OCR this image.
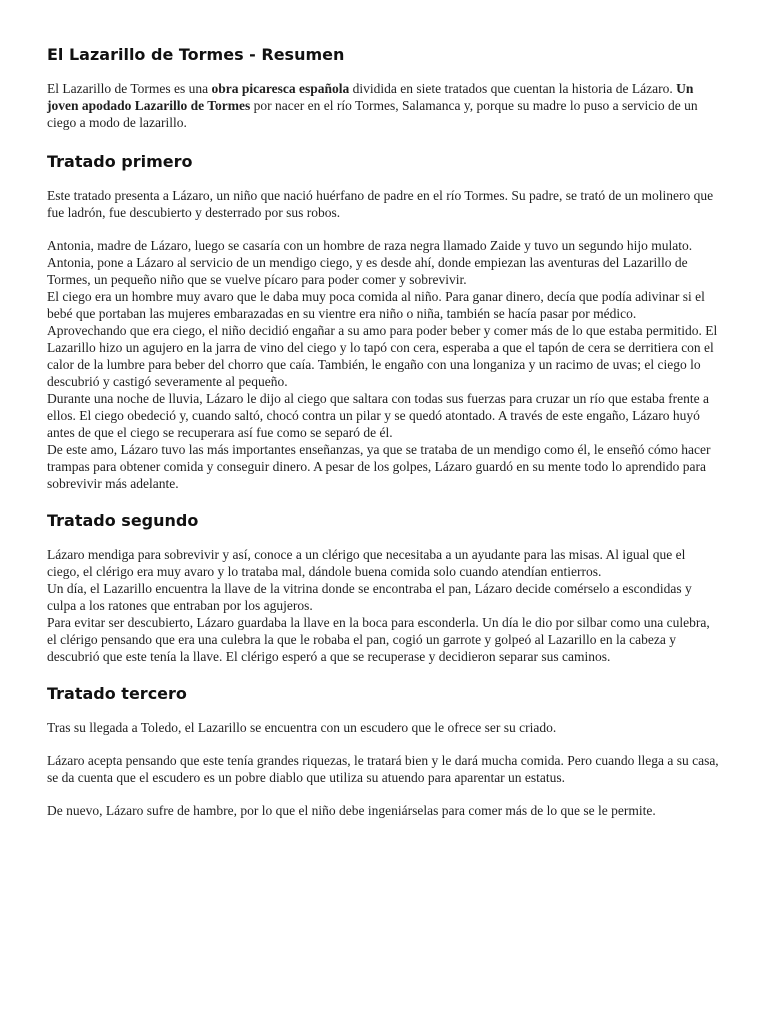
El Lazarillo de Tormes - Resumen

El Lazarillo de Tormes es una obra picaresca española dividida en siete tratados que cuentan la historia de Lázaro. Un joven apodado Lazarillo de Tormes por nacer en el río Tormes, Salamanca y, porque su madre lo puso a servicio de un ciego a modo de lazarillo.

Tratado primero

Este tratado presenta a Lázaro, un niño que nació huérfano de padre en el río Tormes. Su padre, se trató de un molinero que fue ladrón, fue descubierto y desterrado por sus robos.

Antonia, madre de Lázaro, luego se casaría con un hombre de raza negra llamado Zaide y tuvo un segundo hijo mulato.

Antonia, pone a Lázaro al servicio de un mendigo ciego, y es desde ahí, donde empiezan las aventuras del Lazarillo de Tormes, un pequeño niño que se vuelve pícaro para poder comer y sobrevivir.

El ciego era un hombre muy avaro que le daba muy poca comida al niño. Para ganar dinero, decía que podía adivinar si el bebé que portaban las mujeres embarazadas en su vientre era niño o niña, también se hacía pasar por médico.

Aprovechando que era ciego, el niño decidió engañar a su amo para poder beber y comer más de lo que estaba permitido. El Lazarillo hizo un agujero en la jarra de vino del ciego y lo tapó con cera, esperaba a que el tapón de cera se derritiera con el calor de la lumbre para beber del chorro que caía. También, le engaño con una longaniza y un racimo de uvas; el ciego lo descubrió y castigó severamente al pequeño.

Durante una noche de lluvia, Lázaro le dijo al ciego que saltara con todas sus fuerzas para cruzar un río que estaba frente a ellos. El ciego obedeció y, cuando saltó, chocó contra un pilar y se quedó atontado. A través de este engaño, Lázaro huyó antes de que el ciego se recuperara así fue como se separó de él.

De este amo, Lázaro tuvo las más importantes enseñanzas, ya que se trataba de un mendigo como él, le enseñó cómo hacer trampas para obtener comida y conseguir dinero. A pesar de los golpes, Lázaro guardó en su mente todo lo aprendido para sobrevivir más adelante.

Tratado segundo

Lázaro mendiga para sobrevivir y así, conoce a un clérigo que necesitaba a un ayudante para las misas. Al igual que el ciego, el clérigo era muy avaro y lo trataba mal, dándole buena comida solo cuando atendían entierros.

Un día, el Lazarillo encuentra la llave de la vitrina donde se encontraba el pan, Lázaro decide comérselo a escondidas y culpa a los ratones que entraban por los agujeros.

Para evitar ser descubierto, Lázaro guardaba la llave en la boca para esconderla. Un día le dio por silbar como una culebra, el clérigo pensando que era una culebra la que le robaba el pan, cogió un garrote y golpeó al Lazarillo en la cabeza y descubrió que este tenía la llave. El clérigo esperó a que se recuperase y decidieron separar sus caminos.

Tratado tercero

Tras su llegada a Toledo, el Lazarillo se encuentra con un escudero que le ofrece ser su criado.

Lázaro acepta pensando que este tenía grandes riquezas, le tratará bien y le dará mucha comida. Pero cuando llega a su casa, se da cuenta que el escudero es un pobre diablo que utiliza su atuendo para aparentar un estatus.

De nuevo, Lázaro sufre de hambre, por lo que el niño debe ingeniárselas para comer más de lo que se le permite.
